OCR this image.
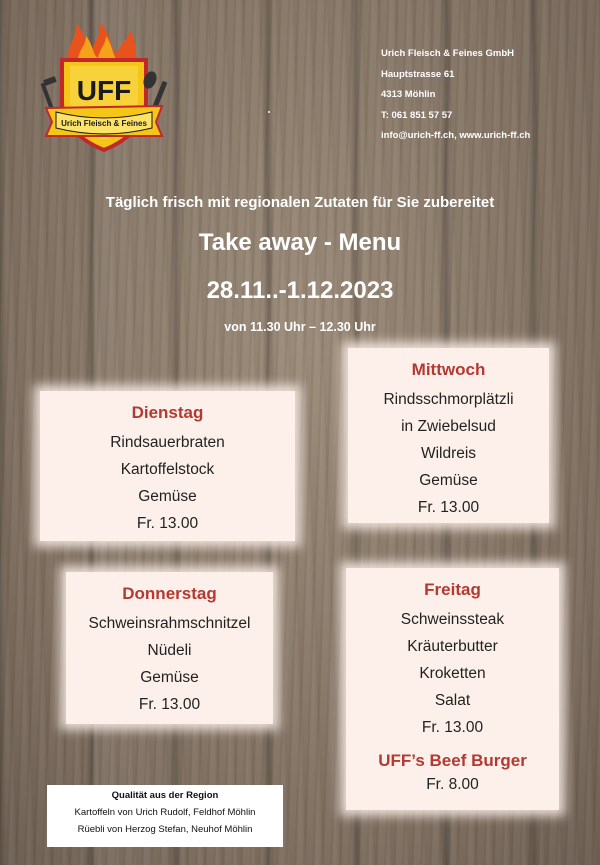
UFF
Urich Fleisch & Feines
Urich Fleisch & Feines GmbH
Hauptstrasse 61
4313 Möhlin
T: 061 851 57 57
info@urich-ff.ch, www.urich-ff.ch
Täglich frisch mit regionalen Zutaten für Sie zubereitet
Take away - Menu
28.11..-1.12.2023
von 11.30 Uhr – 12.30 Uhr
Dienstag
Rindsauerbraten
Kartoffelstock
Gemüse
Fr. 13.00
Mittwoch
Rindsschmorplätzli
in Zwiebelsud
Wildreis
Gemüse
Fr. 13.00
Donnerstag
Schweinsrahmschnitzel
Nüdeli
Gemüse
Fr. 13.00
Freitag
Schweinssteak
Kräuterbutter
Kroketten
Salat
Fr. 13.00
UFF’s Beef Burger
Fr. 8.00
Qualität aus der Region
Kartoffeln von Urich Rudolf, Feldhof Möhlin
Rüebli von Herzog Stefan, Neuhof Möhlin
